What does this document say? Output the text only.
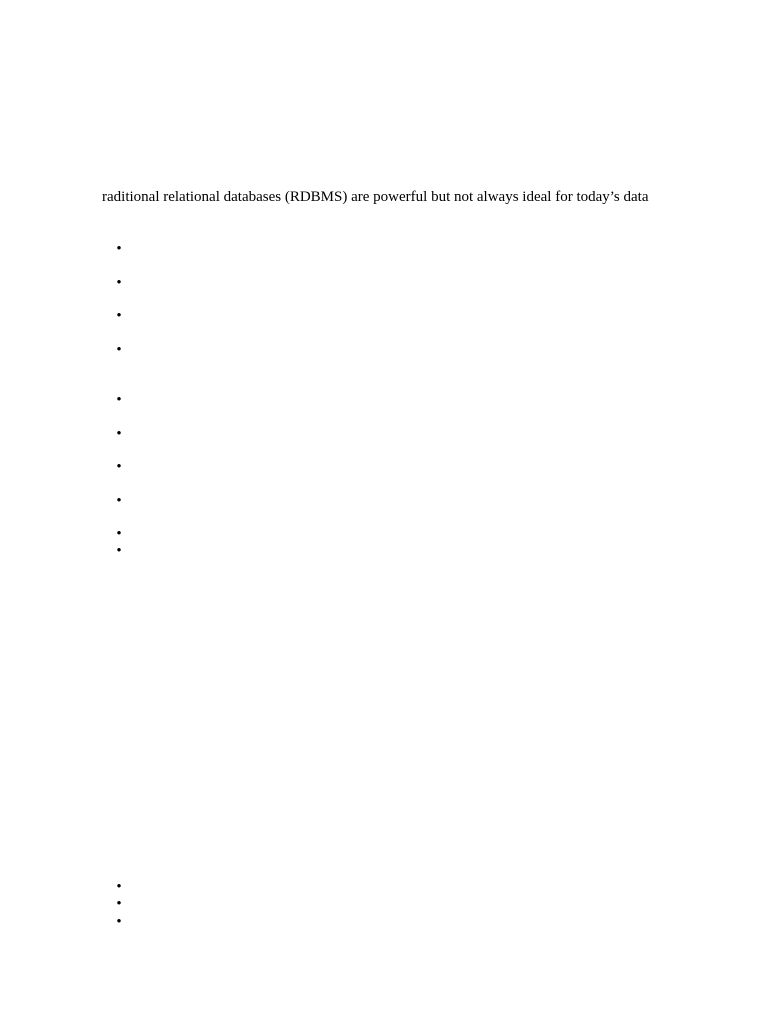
raditional relational databases (RDBMS) are powerful but not always ideal for today’s data

•
•
•
•
•
•
•
•
•
•
•
•
•
